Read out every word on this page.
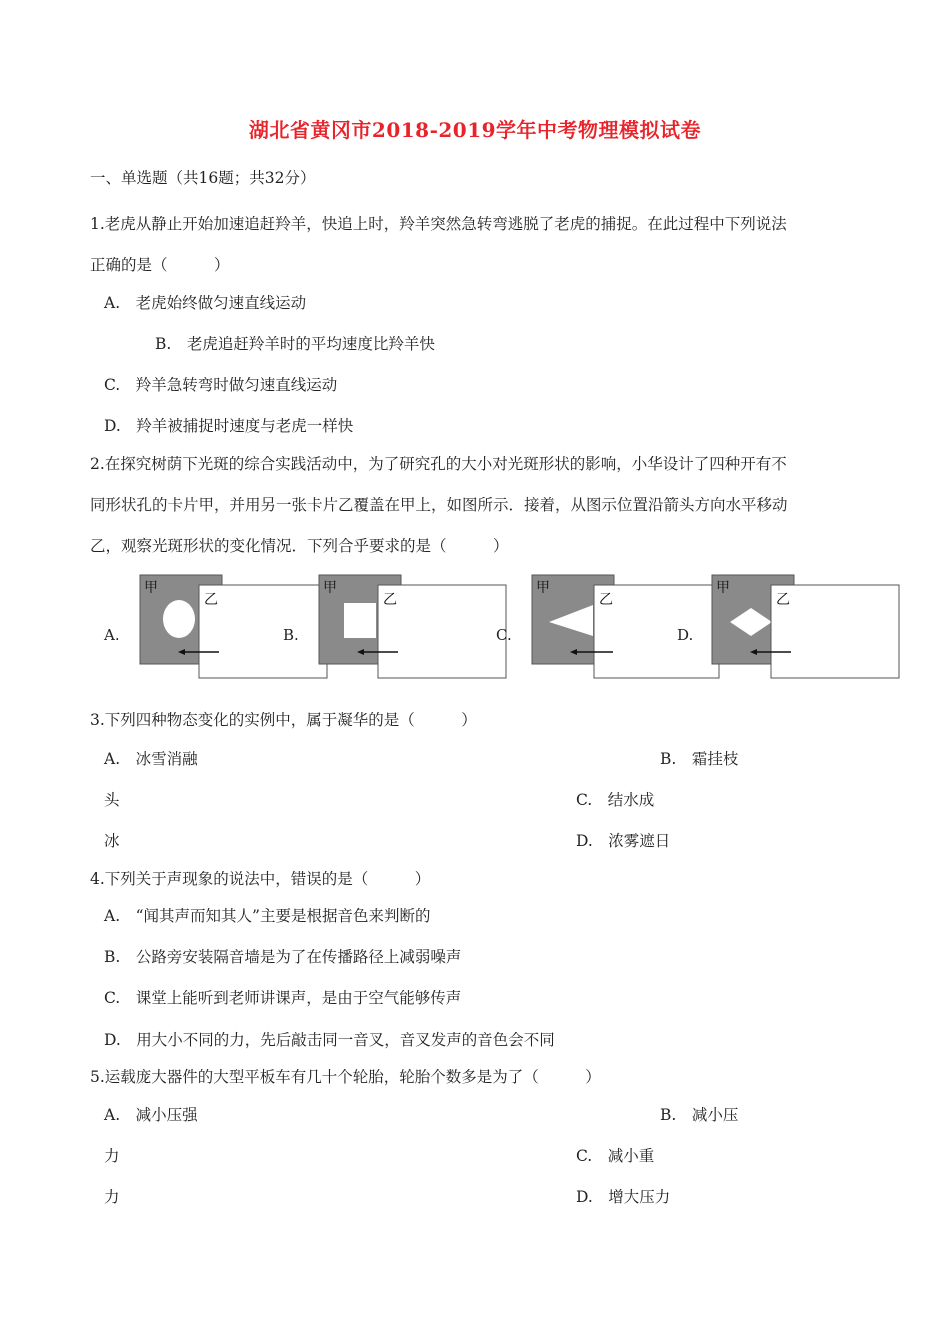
湖北省黄冈市2018-2019学年中考物理模拟试卷
一、单选题（共16题；共32分）
1.老虎从静止开始加速追赶羚羊，快追上时，羚羊突然急转弯逃脱了老虎的捕捉。在此过程中下列说法
正确的是（　　　）
A.　老虎始终做匀速直线运动
B.　老虎追赶羚羊时的平均速度比羚羊快
C.　羚羊急转弯时做匀速直线运动
D.　羚羊被捕捉时速度与老虎一样快
2.在探究树荫下光斑的综合实践活动中，为了研究孔的大小对光斑形状的影响，小华设计了四种开有不
同形状孔的卡片甲，并用另一张卡片乙覆盖在甲上，如图所示．接着，从图示位置沿箭头方向水平移动
乙，观察光斑形状的变化情况．下列合乎要求的是（　　　）
A.
甲
乙
B.
甲
乙
C.
甲
乙
D.
甲
乙
3.下列四种物态变化的实例中，属于凝华的是（　　　）
A.　冰雪消融	B.　霜挂枝
头	C.　结水成
冰	D.　浓雾遮日
4.下列关于声现象的说法中，错误的是（　　　）
A.　“闻其声而知其人”主要是根据音色来判断的
B.　公路旁安装隔音墙是为了在传播路径上减弱噪声
C.　课堂上能听到老师讲课声，是由于空气能够传声
D.　用大小不同的力，先后敲击同一音叉，音叉发声的音色会不同
5.运载庞大器件的大型平板车有几十个轮胎，轮胎个数多是为了（　　　）
A.　减小压强	B.　减小压
力	C.　减小重
力	D.　增大压力
